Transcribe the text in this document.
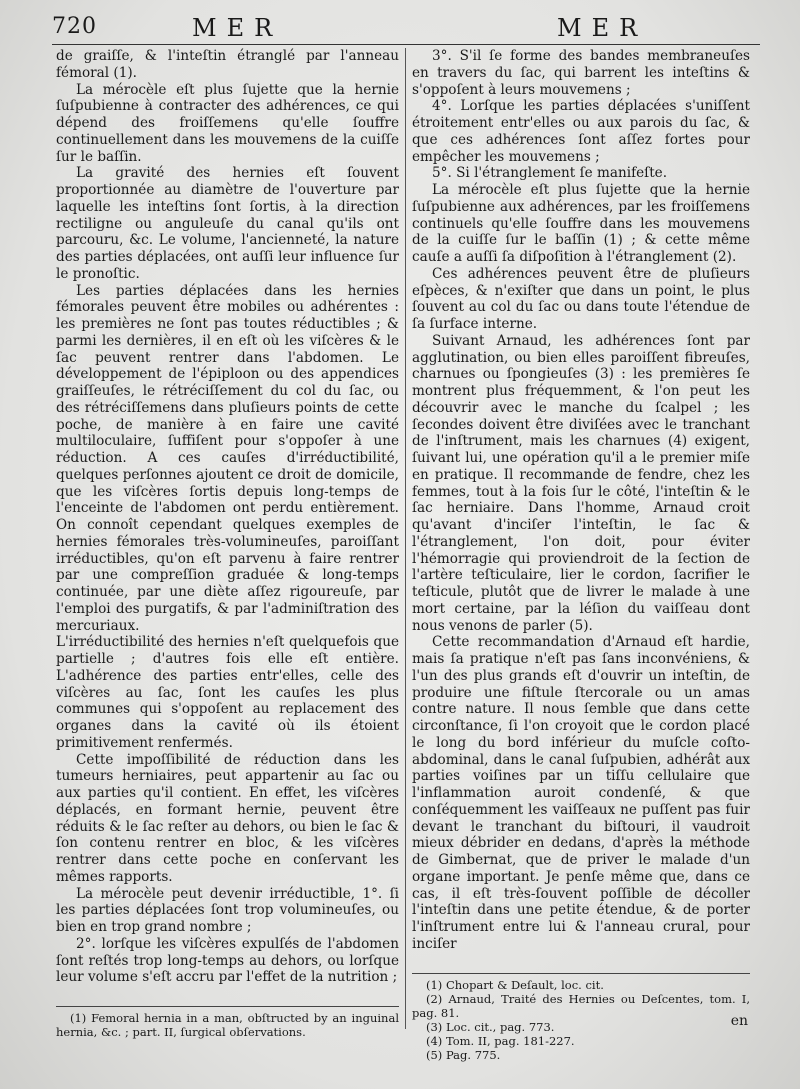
720	MER	MER

de graiſſe, & l'inteſtin étranglé par l'anneau fémoral (1).

La mérocèle eſt plus ſujette que la hernie ſuſpubienne à contracter des adhérences, ce qui dépend des froiſſemens qu'elle ſouffre continuellement dans les mouvemens de la cuiſſe ſur le baſſin.

La gravité des hernies eſt ſouvent proportionnée au diamètre de l'ouverture par laquelle les inteſtins ſont ſortis, à la direction rectiligne ou anguleuſe du canal qu'ils ont parcouru, &c. Le volume, l'ancienneté, la nature des parties déplacées, ont auſſi leur influence ſur le pronoſtic.

Les parties déplacées dans les hernies fémorales peuvent être mobiles ou adhérentes : les premières ne ſont pas toutes réductibles ; & parmi les dernières, il en eſt où les viſcères & le ſac peuvent rentrer dans l'abdomen. Le développement de l'épiploon ou des appendices graiſſeuſes, le rétréciſſement du col du ſac, ou des rétréciſſemens dans pluſieurs points de cette poche, de manière à en faire une cavité multiloculaire, ſuffiſent pour s'oppoſer à une réduction. A ces cauſes d'irréductibilité, quelques perſonnes ajoutent ce droit de domicile, que les viſcères ſortis depuis long-temps de l'enceinte de l'abdomen ont perdu entièrement. On connoît cependant quelques exemples de hernies fémorales très-volumineuſes, paroiſſant irréductibles, qu'on eſt parvenu à faire rentrer par une compreſſion graduée & long-temps continuée, par une diète aſſez rigoureuſe, par l'emploi des purgatifs, & par l'adminiſtration des mercuriaux.

L'irréductibilité des hernies n'eſt quelquefois que partielle ; d'autres fois elle eſt entière. L'adhérence des parties entr'elles, celle des viſcères au ſac, ſont les cauſes les plus communes qui s'oppoſent au replacement des organes dans la cavité où ils étoient primitivement renfermés.

Cette impoſſibilité de réduction dans les tumeurs herniaires, peut appartenir au ſac ou aux parties qu'il contient. En effet, les viſcères déplacés, en formant hernie, peuvent être réduits & le ſac reſter au dehors, ou bien le ſac & ſon contenu rentrer en bloc, & les viſcères rentrer dans cette poche en conſervant les mêmes rapports.

La mérocèle peut devenir irréductible, 1°. ſi les parties déplacées ſont trop volumineuſes, ou bien en trop grand nombre ;

2°. lorſque les viſcères expulſés de l'abdomen ſont reſtés trop long-temps au dehors, ou lorſque leur volume s'eſt accru par l'effet de la nutrition ;

(1) Femoral hernia in a man, obſtructed by an inguinal hernia, &c. ; part. II, ſurgical obſervations.

3°. S'il ſe forme des bandes membraneuſes en travers du ſac, qui barrent les inteſtins & s'oppoſent à leurs mouvemens ;

4°. Lorſque les parties déplacées s'uniſſent étroitement entr'elles ou aux parois du ſac, & que ces adhérences ſont aſſez fortes pour empêcher les mouvemens ;

5°. Si l'étranglement ſe manifeſte.

La mérocèle eſt plus ſujette que la hernie ſuſpubienne aux adhérences, par les froiſſemens continuels qu'elle ſouffre dans les mouvemens de la cuiſſe ſur le baſſin (1) ; & cette même cauſe a auſſi ſa diſpoſition à l'étranglement (2).

Ces adhérences peuvent être de pluſieurs eſpèces, & n'exiſter que dans un point, le plus ſouvent au col du ſac ou dans toute l'étendue de ſa ſurface interne.

Suivant Arnaud, les adhérences ſont par agglutination, ou bien elles paroiſſent fibreuſes, charnues ou ſpongieuſes (3) : les premières ſe montrent plus fréquemment, & l'on peut les découvrir avec le manche du ſcalpel ; les ſecondes doivent être diviſées avec le tranchant de l'inſtrument, mais les charnues (4) exigent, ſuivant lui, une opération qu'il a le premier miſe en pratique. Il recommande de fendre, chez les femmes, tout à la fois ſur le côté, l'inteſtin & le ſac herniaire. Dans l'homme, Arnaud croit qu'avant d'inciſer l'inteſtin, le ſac & l'étranglement, l'on doit, pour éviter l'hémorragie qui proviendroit de la ſection de l'artère teſticulaire, lier le cordon, ſacrifier le teſticule, plutôt que de livrer le malade à une mort certaine, par la léſion du vaiſſeau dont nous venons de parler (5).

Cette recommandation d'Arnaud eſt hardie, mais ſa pratique n'eſt pas ſans inconvéniens, & l'un des plus grands eſt d'ouvrir un inteſtin, de produire une fiſtule ſtercorale ou un amas contre nature. Il nous ſemble que dans cette circonſtance, ſi l'on croyoit que le cordon placé le long du bord inférieur du muſcle coſto-abdominal, dans le canal ſuſpubien, adhérât aux parties voiſines par un tiſſu cellulaire que l'inflammation auroit condenſé, & que conſéquemment les vaiſſeaux ne puſſent pas fuir devant le tranchant du biſtouri, il vaudroit mieux débrider en dedans, d'après la méthode de Gimbernat, que de priver le malade d'un organe important. Je penſe même que, dans ce cas, il eſt très-ſouvent poſſible de décoller l'inteſtin dans une petite étendue, & de porter l'inſtrument entre lui & l'anneau crural, pour inciſer

(1) Chopart & Deſault, loc. cit.

(2) Arnaud, Traité des Hernies ou Deſcentes, tom. I, pag. 81.

(3) Loc. cit., pag. 773.

(4) Tom. II, pag. 181-227.

(5) Pag. 775.

en
